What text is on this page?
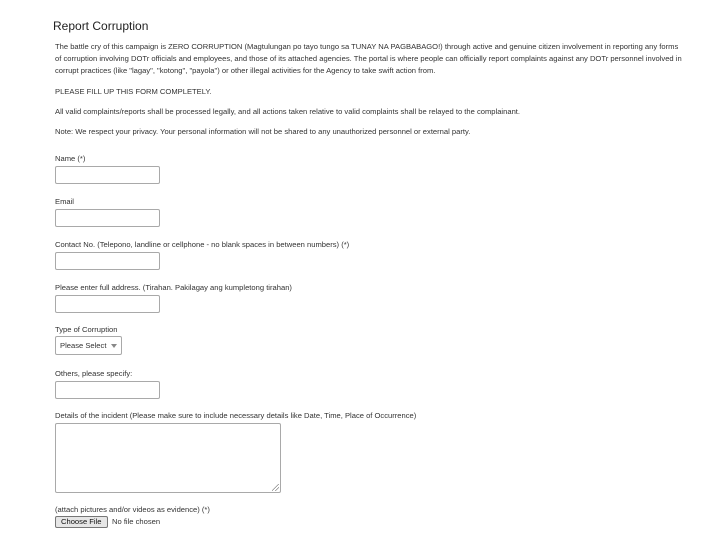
Report Corruption

The battle cry of this campaign is ZERO CORRUPTION (Magtulungan po tayo tungo sa TUNAY NA PAGBABAGO!) through active and genuine citizen involvement in reporting any forms of corruption involving DOTr officials and employees, and those of its attached agencies. The portal is where people can officially report complaints against any DOTr personnel involved in corrupt practices (like "lagay", "kotong", "payola") or other illegal activities for the Agency to take swift action from.

PLEASE FILL UP THIS FORM COMPLETELY.

All valid complaints/reports shall be processed legally, and all actions taken relative to valid complaints shall be relayed to the complainant.

Note: We respect your privacy. Your personal information will not be shared to any unauthorized personnel or external party.

Name (*)
Email
Contact No. (Telepono, landline or cellphone - no blank spaces in between numbers) (*)
Please enter full address. (Tirahan. Pakilagay ang kumpletong tirahan)
Type of Corruption
Please Select
Others, please specify:
Details of the incident (Please make sure to include necessary details like Date, Time, Place of Occurrence)
(attach pictures and/or videos as evidence) (*)
Choose File	No file chosen
